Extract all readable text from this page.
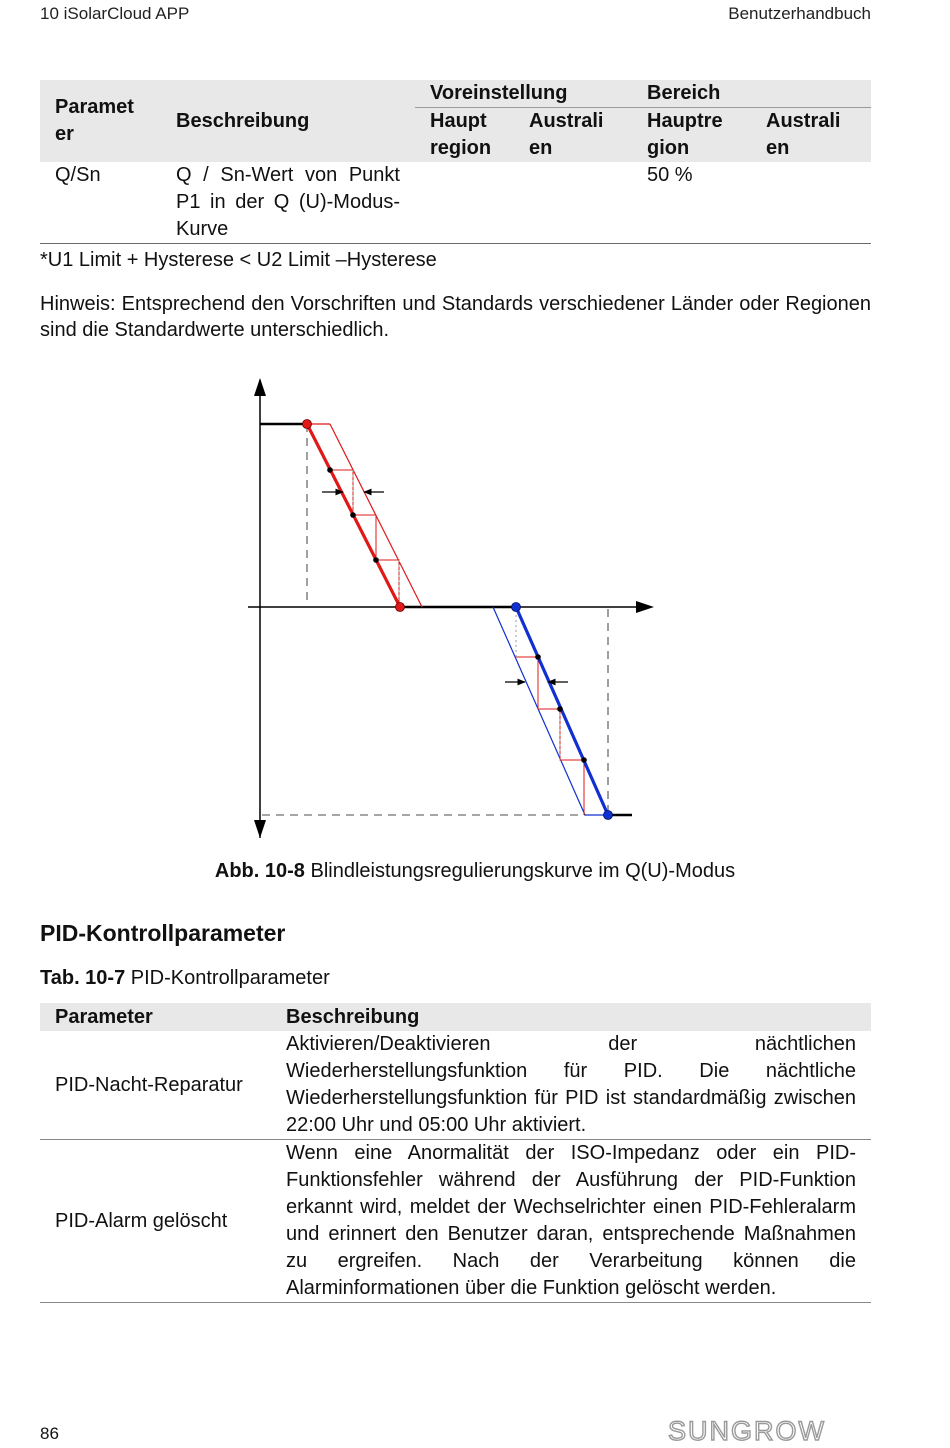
10 iSolarCloud APP	Benutzerhandbuch
Paramet er	Beschreibung	Voreinstellung		Bereich	
		Haupt region	Australi en	Hauptre gion	Australi en
Q/Sn	Q / Sn-Wert von Punkt P1 in der Q (U)-Modus-Kurve			50 %	
*U1 Limit + Hysterese < U2 Limit –Hysterese
Hinweis: Entsprechend den Vorschriften und Standards verschiedener Länder oder Regionen sind die Standardwerte unterschiedlich.
Abb. 10-8 Blindleistungsregulierungskurve im Q(U)-Modus
PID-Kontrollparameter
Tab. 10-7 PID-Kontrollparameter
Parameter	Beschreibung
PID-Nacht-Reparatur	Aktivieren/Deaktivieren der nächtlichen Wiederherstellungsfunktion für PID. Die nächtliche Wiederherstellungsfunktion für PID ist standardmäßig zwischen 22:00 Uhr und 05:00 Uhr aktiviert.
PID-Alarm gelöscht	Wenn eine Anormalität der ISO-Impedanz oder ein PID-Funktionsfehler während der Ausführung der PID-Funktion erkannt wird, meldet der Wechselrichter einen PID-Fehleralarm und erinnert den Benutzer daran, entsprechende Maßnahmen zu ergreifen. Nach der Verarbeitung können die Alarminformationen über die Funktion gelöscht werden.
86	SUNGROW
